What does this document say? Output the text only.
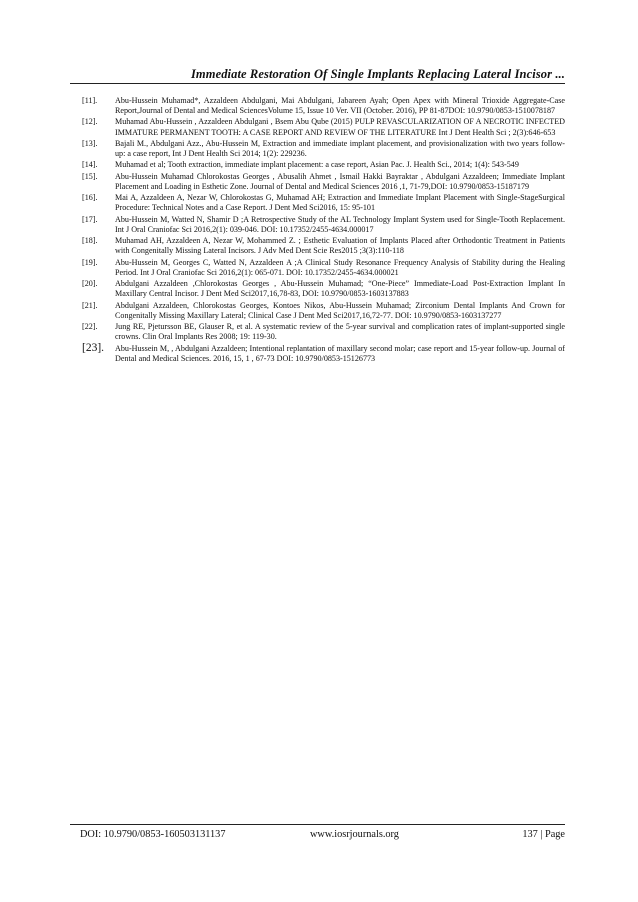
Immediate Restoration Of Single Implants Replacing Lateral Incisor ...
[11]. Abu-Hussein Muhamad*, Azzaldeen Abdulgani, Mai Abdulgani, Jabareen Ayah; Open Apex with Mineral Trioxide Aggregate-Case Report,Journal of Dental and Medical SciencesVolume 15, Issue 10 Ver. VII (October. 2016), PP 81-87DOI: 10.9790/0853-1510078187
[12]. Muhamad Abu-Hussein , Azzaldeen Abdulgani , Bsem Abu Qube (2015) PULP REVASCULARIZATION OF A NECROTIC INFECTED IMMATURE PERMANENT TOOTH: A CASE REPORT AND REVIEW OF THE LITERATURE Int J Dent Health Sci ; 2(3):646-653
[13]. Bajali M., Abdulgani Azz., Abu-Hussein M, Extraction and immediate implant placement, and provisionalization with two years follow-up: a case report, Int J Dent Health Sci 2014; 1(2): 229236.
[14]. Muhamad et al; Tooth extraction, immediate implant placement: a case report, Asian Pac. J. Health Sci., 2014; 1(4): 543-549
[15]. Abu-Hussein Muhamad Chlorokostas Georges , Abusalih Ahmet , Ismail Hakki Bayraktar , Abdulgani Azzaldeen; Immediate Implant Placement and Loading in Esthetic Zone. Journal of Dental and Medical Sciences 2016 ,1, 71-79,DOI: 10.9790/0853-15187179
[16]. Mai A, Azzaldeen A, Nezar W, Chlorokostas G, Muhamad AH; Extraction and Immediate Implant Placement with Single-StageSurgical Procedure: Technical Notes and a Case Report. J Dent Med Sci2016, 15: 95-101
[17]. Abu-Hussein M, Watted N, Shamir D ;A Retrospective Study of the AL Technology Implant System used for Single-Tooth Replacement. Int J Oral Craniofac Sci 2016,2(1): 039-046. DOI: 10.17352/2455-4634.000017
[18]. Muhamad AH, Azzaldeen A, Nezar W, Mohammed Z. ; Esthetic Evaluation of Implants Placed after Orthodontic Treatment in Patients with Congenitally Missing Lateral Incisors. J Adv Med Dent Scie Res2015 ;3(3):110-118
[19]. Abu-Hussein M, Georges C, Watted N, Azzaldeen A ;A Clinical Study Resonance Frequency Analysis of Stability during the Healing Period. Int J Oral Craniofac Sci 2016,2(1): 065-071. DOI: 10.17352/2455-4634.000021
[20]. Abdulgani Azzaldeen ,Chlorokostas Georges , Abu-Hussein Muhamad; “One-Piece” Immediate-Load Post-Extraction Implant In Maxillary Central Incisor. J Dent Med Sci2017,16,78-83, DOI: 10.9790/0853-1603137883
[21]. Abdulgani Azzaldeen, Chlorokostas Georges, Kontoes Nikos, Abu-Hussein Muhamad; Zirconium Dental Implants And Crown for Congenitally Missing Maxillary Lateral; Clinical Case J Dent Med Sci2017,16,72-77. DOI: 10.9790/0853-1603137277
[22]. Jung RE, Pjetursson BE, Glauser R, et al. A systematic review of the 5-year survival and complication rates of implant-supported single crowns. Clin Oral Implants Res 2008; 19: 119-30.
[23]. Abu-Hussein M, , Abdulgani Azzaldeen; Intentional replantation of maxillary second molar; case report and 15-year follow-up. Journal of Dental and Medical Sciences. 2016, 15, 1 , 67-73 DOI: 10.9790/0853-15126773
DOI: 10.9790/0853-160503131137	www.iosrjournals.org	137 | Page
